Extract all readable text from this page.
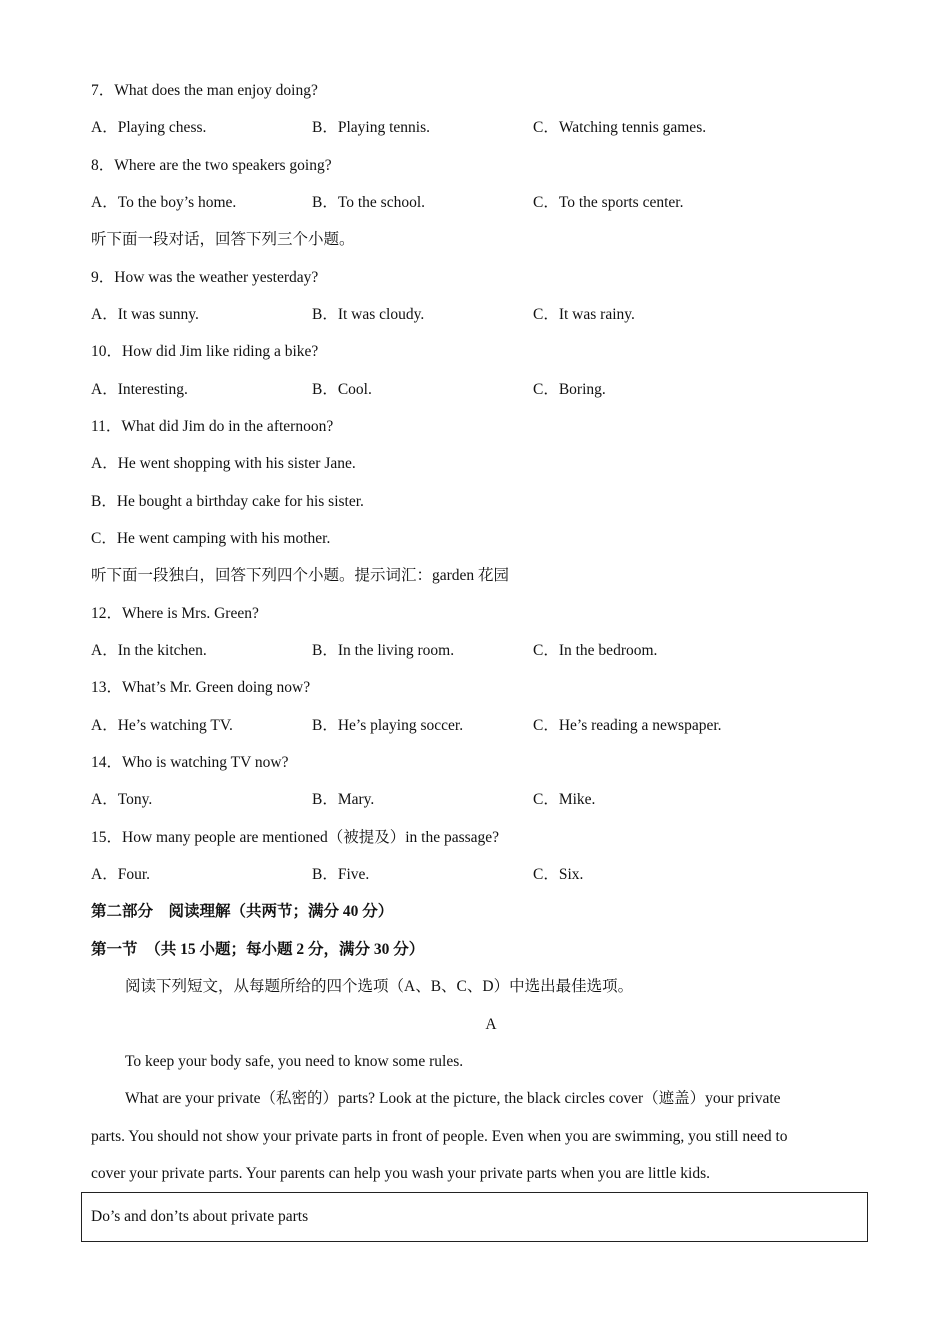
7．What does the man enjoy doing?
A．Playing chess.	B．Playing tennis.	C．Watching tennis games.
8．Where are the two speakers going?
A．To the boy’s home.	B．To the school.	C．To the sports center.
听下面一段对话，回答下列三个小题。
9．How was the weather yesterday?
A．It was sunny.	B．It was cloudy.	C．It was rainy.
10．How did Jim like riding a bike?
A．Interesting.	B．Cool.	C．Boring.
11．What did Jim do in the afternoon?
A．He went shopping with his sister Jane.
B．He bought a birthday cake for his sister.
C．He went camping with his mother.
听下面一段独白，回答下列四个小题。提示词汇：garden 花园
12．Where is Mrs. Green?
A．In the kitchen.	B．In the living room.	C．In the bedroom.
13．What’s Mr. Green doing now?
A．He’s watching TV.	B．He’s playing soccer.	C．He’s reading a newspaper.
14．Who is watching TV now?
A．Tony.	B．Mary.	C．Mike.
15．How many people are mentioned（被提及）in the passage?
A．Four.	B．Five.	C．Six.
第二部分　阅读理解（共两节；满分 40 分）
第一节　（共 15 小题；每小题 2 分，满分 30 分）
阅读下列短文，从每题所给的四个选项（A、B、C、D）中选出最佳选项。
A
To keep your body safe, you need to know some rules.
What are your private（私密的）parts? Look at the picture, the black circles cover（遮盖）your private
parts. You should not show your private parts in front of people. Even when you are swimming, you still need to
cover your private parts. Your parents can help you wash your private parts when you are little kids.
Do’s and don’ts about private parts
